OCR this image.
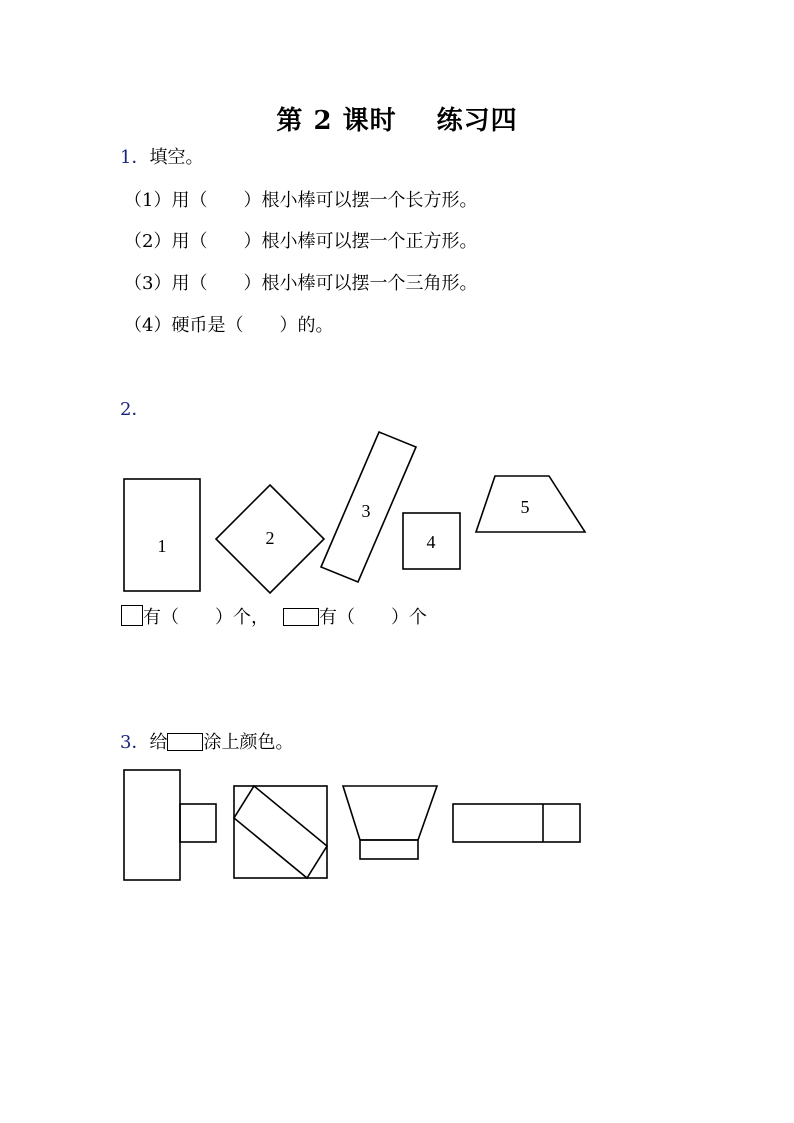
第 2 课时 练习四
1．填空。
（1）用（　　）根小棒可以摆一个长方形。
（2）用（　　）根小棒可以摆一个正方形。
（3）用（　　）根小棒可以摆一个三角形。
（4）硬币是（　　）的。
2．
1	2
3
4
5
有（　　）个，	有（　　）个
3．给 涂上颜色。
